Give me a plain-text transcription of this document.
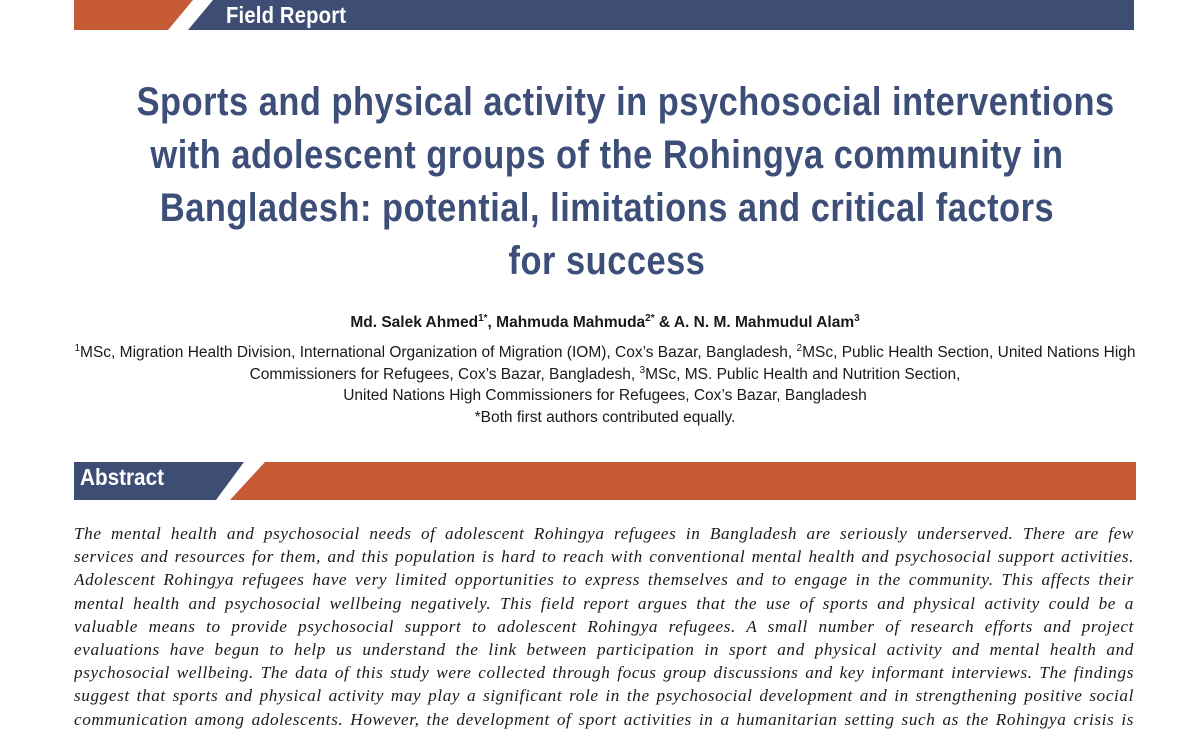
Field Report
Sports and physical activity in psychosocial interventions
with adolescent groups of the Rohingya community in
Bangladesh: potential, limitations and critical factors
for success
Md. Salek Ahmed$^{1*}$, Mahmuda Mahmuda$^{2*}$ & A. N. M. Mahmudul Alam$^3$
$^1$MSc, Migration Health Division, International Organization of Migration (IOM), Cox’s Bazar, Bangladesh, $^2$MSc, Public Health Section, United Nations High
Commissioners for Refugees, Cox’s Bazar, Bangladesh, $^3$MSc, MS. Public Health and Nutrition Section,
United Nations High Commissioners for Refugees, Cox’s Bazar, Bangladesh
*Both first authors contributed equally.
Abstract
The mental health and psychosocial needs of adolescent Rohingya refugees in Bangladesh are seriously underserved. There are few
services and resources for them, and this population is hard to reach with conventional mental health and psychosocial support activities.
Adolescent Rohingya refugees have very limited opportunities to express themselves and to engage in the community. This affects their
mental health and psychosocial wellbeing negatively. This field report argues that the use of sports and physical activity could be a
valuable means to provide psychosocial support to adolescent Rohingya refugees. A small number of research efforts and project
evaluations have begun to help us understand the link between participation in sport and physical activity and mental health and
psychosocial wellbeing. The data of this study were collected through focus group discussions and key informant interviews. The findings
suggest that sports and physical activity may play a significant role in the psychosocial development and in strengthening positive social
communication among adolescents. However, the development of sport activities in a humanitarian setting such as the Rohingya crisis is
